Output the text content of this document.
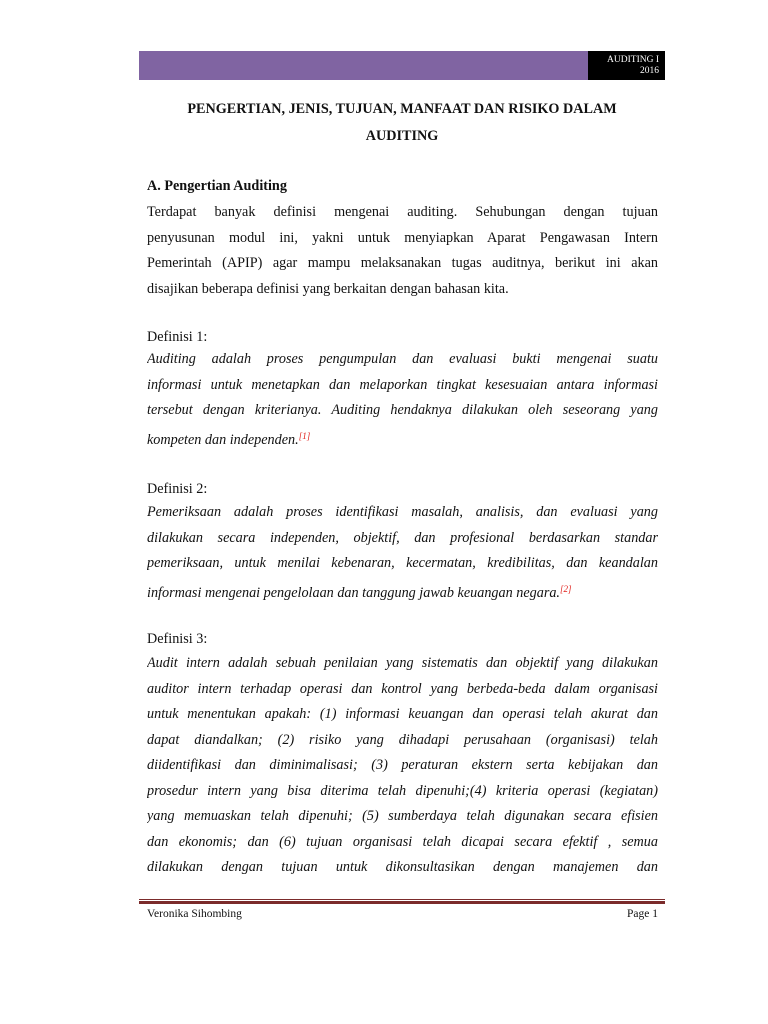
AUDITING I
2016
PENGERTIAN, JENIS, TUJUAN, MANFAAT DAN RISIKO DALAM
AUDITING
A. Pengertian Auditing
Terdapat banyak definisi mengenai auditing. Sehubungan dengan tujuan
penyusunan modul ini, yakni untuk menyiapkan Aparat Pengawasan Intern
Pemerintah (APIP) agar mampu melaksanakan tugas auditnya, berikut ini akan
disajikan beberapa definisi yang berkaitan dengan bahasan kita.
Definisi 1:
Auditing adalah proses pengumpulan dan evaluasi bukti mengenai suatu
informasi untuk menetapkan dan melaporkan tingkat kesesuaian antara informasi
tersebut dengan kriterianya. Auditing hendaknya dilakukan oleh seseorang yang
kompeten dan independen.[1]
Definisi 2:
Pemeriksaan adalah proses identifikasi masalah, analisis, dan evaluasi yang
dilakukan secara independen, objektif, dan profesional berdasarkan standar
pemeriksaan, untuk menilai kebenaran, kecermatan, kredibilitas, dan keandalan
informasi mengenai pengelolaan dan tanggung jawab keuangan negara.[2]
Definisi 3:
Audit intern adalah sebuah penilaian yang sistematis dan objektif yang dilakukan
auditor intern terhadap operasi dan kontrol yang berbeda-beda dalam organisasi
untuk menentukan apakah: (1) informasi keuangan dan operasi telah akurat dan
dapat diandalkan; (2) risiko yang dihadapi perusahaan (organisasi) telah
diidentifikasi dan diminimalisasi; (3) peraturan ekstern serta kebijakan dan
prosedur intern yang bisa diterima telah dipenuhi;(4) kriteria operasi (kegiatan)
yang memuaskan telah dipenuhi; (5) sumberdaya telah digunakan secara efisien
dan ekonomis; dan (6) tujuan organisasi telah dicapai secara efektif , semua
dilakukan dengan tujuan untuk dikonsultasikan dengan manajemen dan
Veronika Sihombing	Page 1
